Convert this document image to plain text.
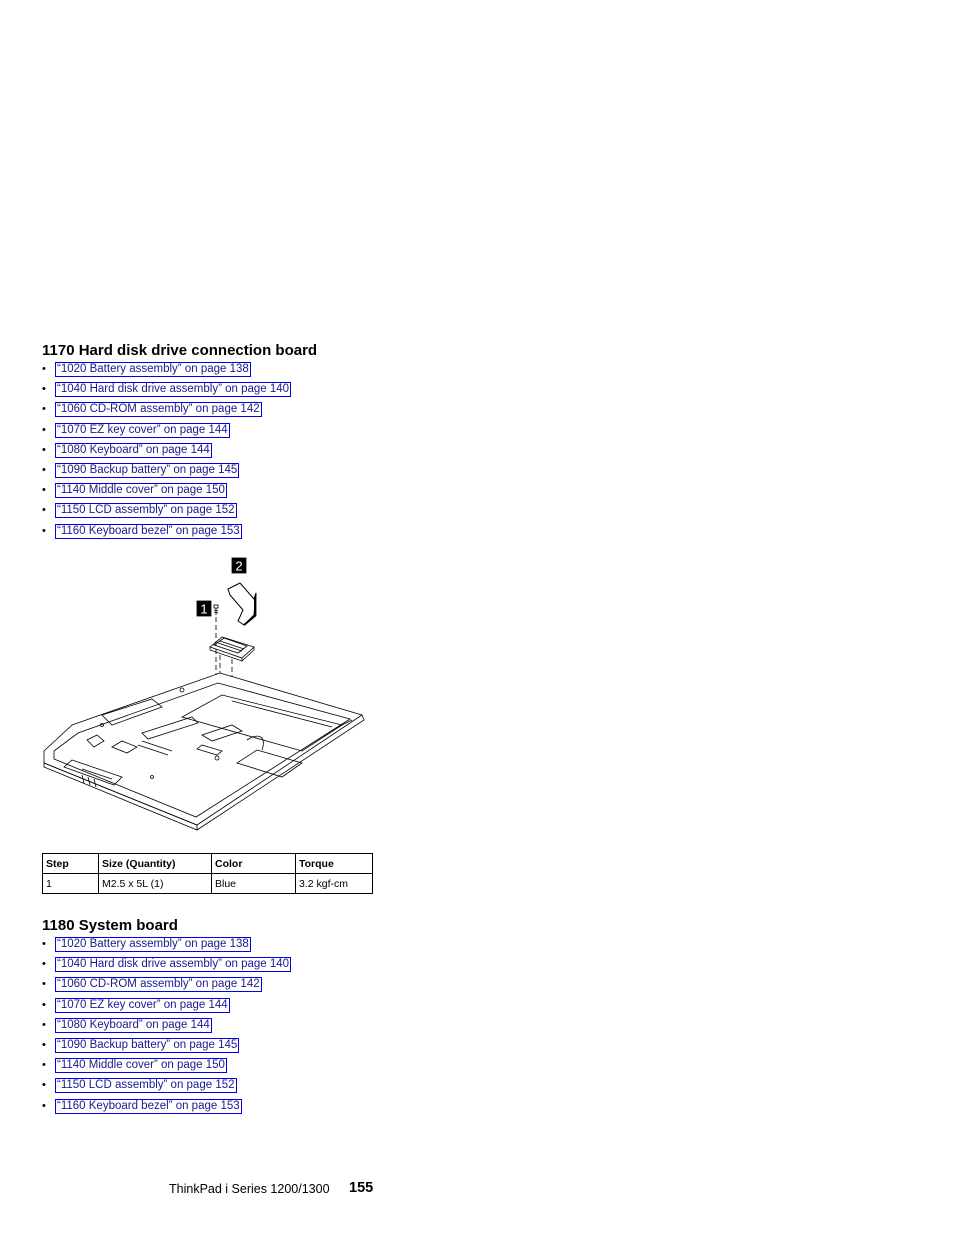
1170 Hard disk drive connection board
• “1020 Battery assembly” on page 138
• “1040 Hard disk drive assembly” on page 140
• “1060 CD-ROM assembly” on page 142
• “1070 EZ key cover” on page 144
• “1080 Keyboard” on page 144
• “1090 Backup battery” on page 145
• “1140 Middle cover” on page 150
• “1150 LCD assembly” on page 152
• “1160 Keyboard bezel” on page 153
2
1
Step	Size (Quantity)	Color	Torque
1	M2.5 x 5L (1)	Blue	3.2 kgf-cm
1180 System board
• “1020 Battery assembly” on page 138
• “1040 Hard disk drive assembly” on page 140
• “1060 CD-ROM assembly” on page 142
• “1070 EZ key cover” on page 144
• “1080 Keyboard” on page 144
• “1090 Backup battery” on page 145
• “1140 Middle cover” on page 150
• “1150 LCD assembly” on page 152
• “1160 Keyboard bezel” on page 153
ThinkPad i Series 1200/1300 155
